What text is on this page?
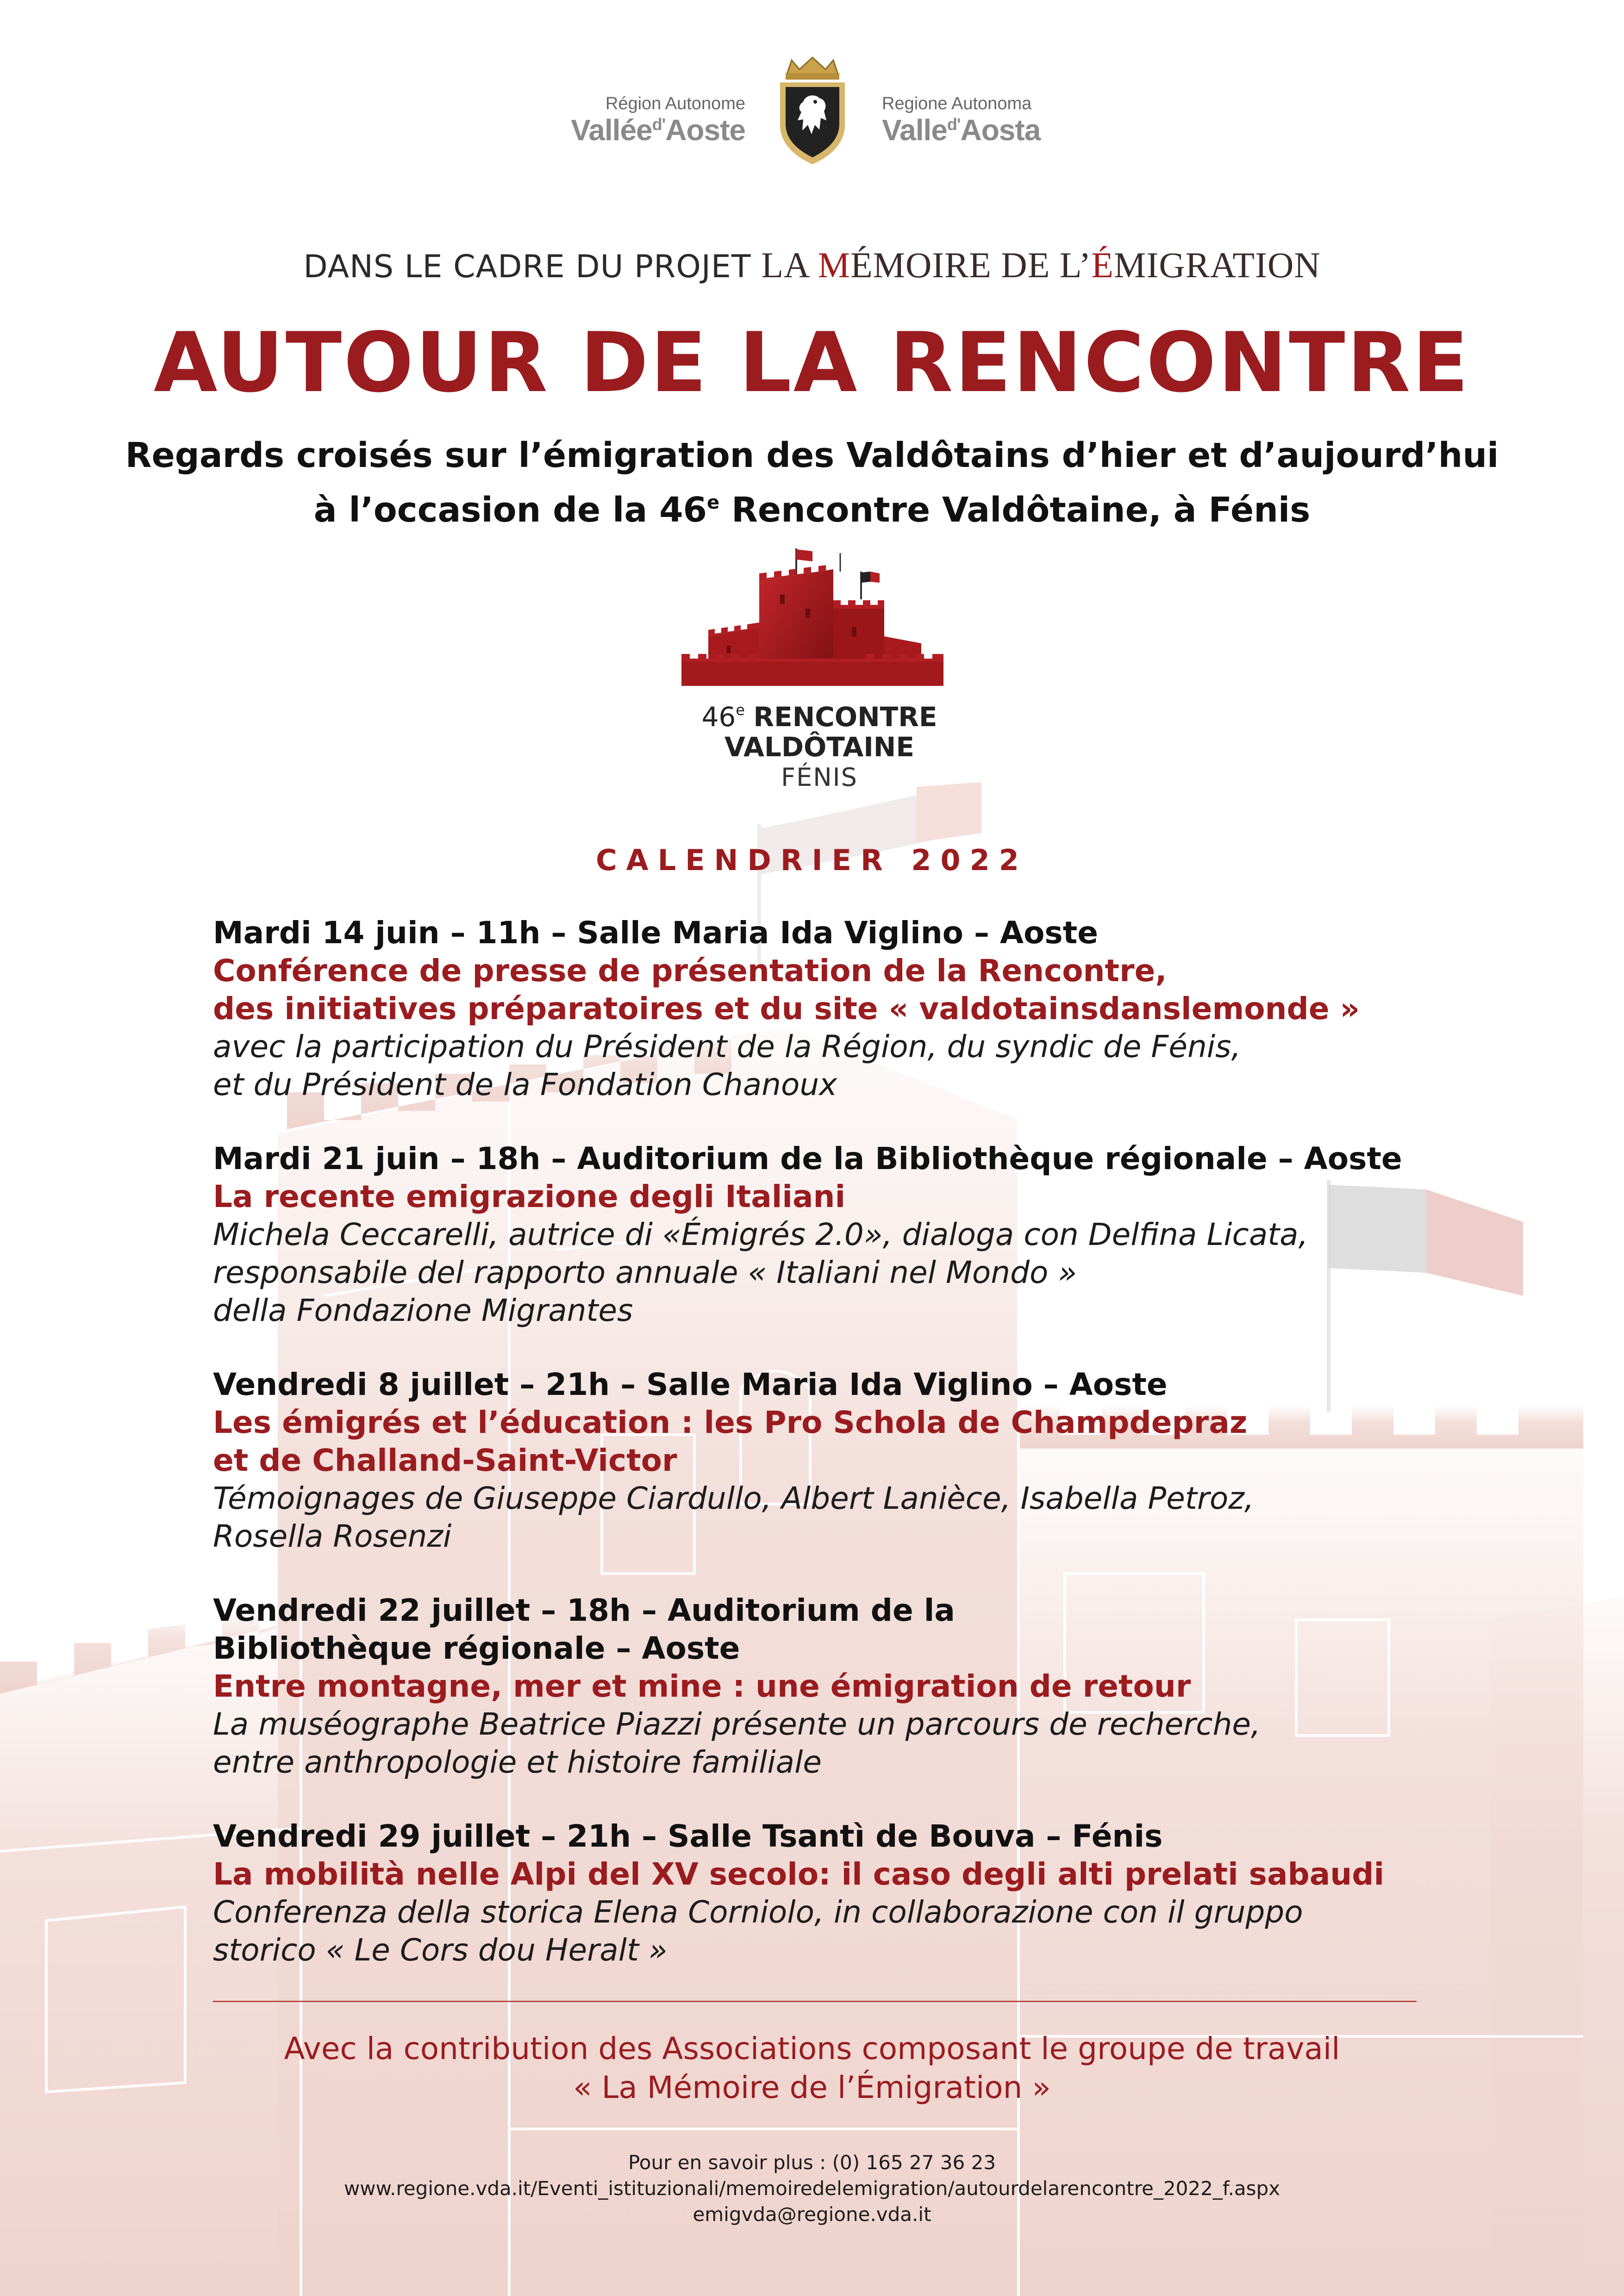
Région Autonome
Vallée$^{d'}$Aoste
Regione Autonoma
Valle$^{d'}$Aosta
DANS LE CADRE DU PROJET LA MÉMOIRE DE L’ÉMIGRATION
AUTOUR DE LA RENCONTRE
Regards croisés sur l’émigration des Valdôtains d’hier et d’aujourd’hui
à l’occasion de la 46e Rencontre Valdôtaine, à Fénis
46e RENCONTRE
VALDÔTAINE
FÉNIS
CALENDRIER 2022
Mardi 14 juin – 11h – Salle Maria Ida Viglino – Aoste
Conférence de presse de présentation de la Rencontre,
des initiatives préparatoires et du site « valdotainsdanslemonde »
avec la participation du Président de la Région, du syndic de Fénis,
et du Président de la Fondation Chanoux
Mardi 21 juin – 18h – Auditorium de la Bibliothèque régionale – Aoste
La recente emigrazione degli Italiani
Michela Ceccarelli, autrice di «Émigrés 2.0», dialoga con Delfina Licata,
responsabile del rapporto annuale « Italiani nel Mondo »
della Fondazione Migrantes
Vendredi 8 juillet – 21h – Salle Maria Ida Viglino – Aoste
Les émigrés et l’éducation : les Pro Schola de Champdepraz
et de Challand-Saint-Victor
Témoignages de Giuseppe Ciardullo, Albert Lanièce, Isabella Petroz,
Rosella Rosenzi
Vendredi 22 juillet – 18h – Auditorium de la
Bibliothèque régionale – Aoste
Entre montagne, mer et mine : une émigration de retour
La muséographe Beatrice Piazzi présente un parcours de recherche,
entre anthropologie et histoire familiale
Vendredi 29 juillet – 21h – Salle Tsantì de Bouva – Fénis
La mobilità nelle Alpi del XV secolo: il caso degli alti prelati sabaudi
Conferenza della storica Elena Corniolo, in collaborazione con il gruppo
storico « Le Cors dou Heralt »
Avec la contribution des Associations composant le groupe de travail
« La Mémoire de l’Émigration »
Pour en savoir plus : (0) 165 27 36 23
www.regione.vda.it/Eventi_istituzionali/memoiredelemigration/autourdelarencontre_2022_f.aspx
emigvda@regione.vda.it
